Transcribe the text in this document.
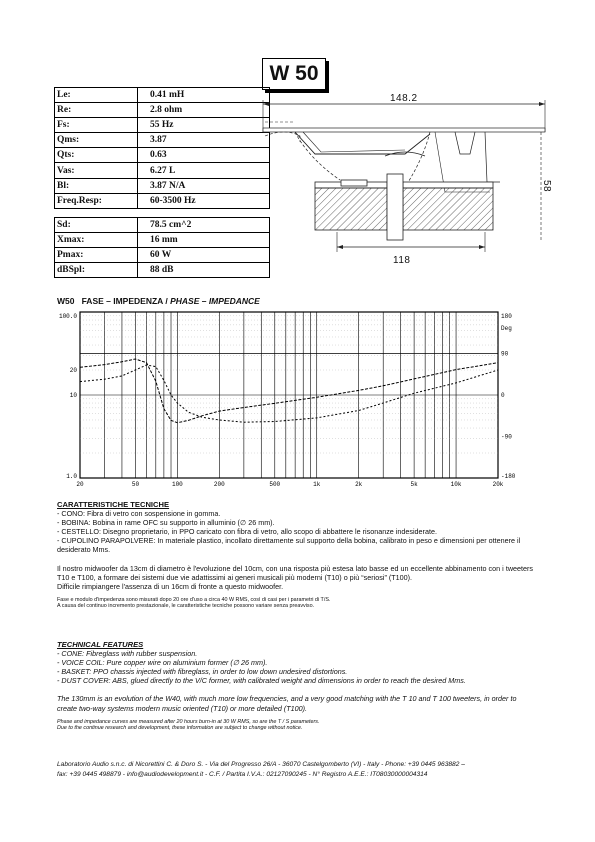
W 50
Le:	0.41 mH
Re:	2.8 ohm
Fs:	55 Hz
Qms:	3.87
Qts:	0.63
Vas:	6.27 L
Bl:	3.87 N/A
Freq.Resp:	60-3500 Hz
Sd:	78.5 cm^2
Xmax:	16 mm
Pmax:	60 W
dBSpl:	88 dB
148.2
118
58
W50 FASE – IMPEDENZA / PHASE – IMPEDANCE
20	50	100	200	500	1k	2k	5k	10k	20k
100.0
20
10
1.0
180
90
0
-90
-180
Deg

CARATTERISTICHE TECNICHE

- CONO: Fibra di vetro con sospensione in gomma.

- BOBINA: Bobina in rame OFC su supporto in alluminio (∅ 26 mm).

- CESTELLO: Disegno proprietario, in PPO caricato con fibra di vetro, allo scopo di abbattere le risonanze indesiderate.

- CUPOLINO PARAPOLVERE: In materiale plastico, incollato direttamente sul supporto della bobina, calibrato in peso e dimensioni per ottenere il desiderato Mms.

Il nostro midwoofer da 13cm di diametro è l'evoluzione del 10cm, con una risposta più estesa lato basse ed un eccellente abbinamento con i tweeters T10 e T100, a formare dei sistemi due vie adattissimi ai generi musicali più moderni (T10) o più “seriosi” (T100).

Difficile rimpiangere l'assenza di un 16cm di fronte a questo midwoofer.

Fase e modulo d'impedenza sono misurati dopo 20 ore d'uso a circa 40 W RMS, così di casi per i parametri di T/S.

A causa del continuo incremento prestazionale, le caratteristiche tecniche possono variare senza preavviso.

TECHNICAL FEATURES

- CONE: Fibreglass with rubber suspension.

- VOICE COIL: Pure copper wire on aluminium former (∅ 26 mm).

- BASKET: PPO chassis injected with fibreglass, in order to low down undesired distortions.

- DUST COVER: ABS, glued directly to the V/C former, with calibrated weight and dimensions in order to reach the desired Mms.

The 130mm is an evolution of the W40, with much more low frequencies, and a very good matching with the T 10 and T 100 tweeters, in order to create two-way systems modern music oriented (T10) or more detailed (T100).

Phase and impedance curves are measured after 20 hours burn-in at 30 W RMS, so are the T / S parameters.

Due to the continue research and development, these information are subject to change without notice.

Laboratorio Audio s.n.c. di Nicorettini C. & Doro S. - Via del Progresso 26/A - 36070 Castelgomberto (VI) - Italy - Phone: +39 0445 963882 –

fax: +39 0445 498879 - info@audiodevelopment.it - C.F. / Partita I.V.A.: 02127090245 - N° Registro A.E.E.: IT08030000004314
